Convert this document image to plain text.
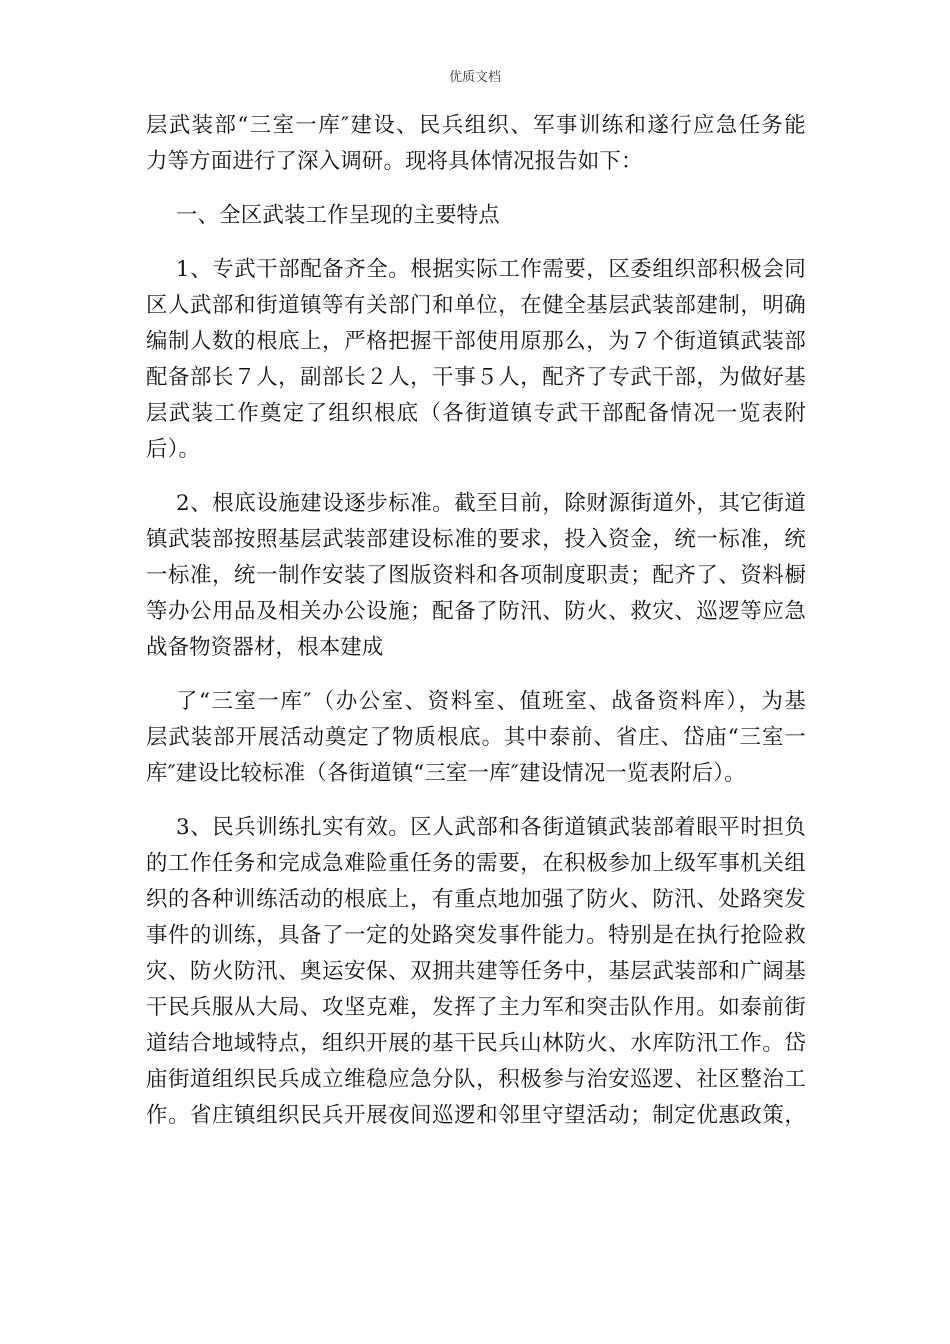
优质文档
层武装部“三室一库″建设、民兵组织、军事训练和遂行应急任务能
力等方面进行了深入调研。现将具体情况报告如下：
一、全区武装工作呈现的主要特点
1、专武干部配备齐全。根据实际工作需要，区委组织部积极会同
区人武部和街道镇等有关部门和单位，在健全基层武装部建制，明确
编制人数的根底上，严格把握干部使用原那么，为７个街道镇武装部
配备部长７人，副部长２人，干事５人，配齐了专武干部，为做好基
层武装工作奠定了组织根底（各街道镇专武干部配备情况一览表附
后）。
2、根底设施建设逐步标准。截至目前，除财源街道外，其它街道
镇武装部按照基层武装部建设标准的要求，投入资金，统一标准，统
一标准，统一制作安装了图版资料和各项制度职责；配齐了、资料橱
等办公用品及相关办公设施；配备了防汛、防火、救灾、巡逻等应急
战备物资器材，根本建成
了“三室一库″（办公室、资料室、值班室、战备资料库），为基
层武装部开展活动奠定了物质根底。其中泰前、省庄、岱庙“三室一
库″建设比较标准（各街道镇“三室一库″建设情况一览表附后）。
3、民兵训练扎实有效。区人武部和各街道镇武装部着眼平时担负
的工作任务和完成急难险重任务的需要，在积极参加上级军事机关组
织的各种训练活动的根底上，有重点地加强了防火、防汛、处路突发
事件的训练，具备了一定的处路突发事件能力。特别是在执行抢险救
灾、防火防汛、奥运安保、双拥共建等任务中，基层武装部和广阔基
干民兵服从大局、攻坚克难，发挥了主力军和突击队作用。如泰前街
道结合地域特点，组织开展的基干民兵山林防火、水库防汛工作。岱
庙街道组织民兵成立维稳应急分队，积极参与治安巡逻、社区整治工
作。省庄镇组织民兵开展夜间巡逻和邻里守望活动；制定优惠政策，
